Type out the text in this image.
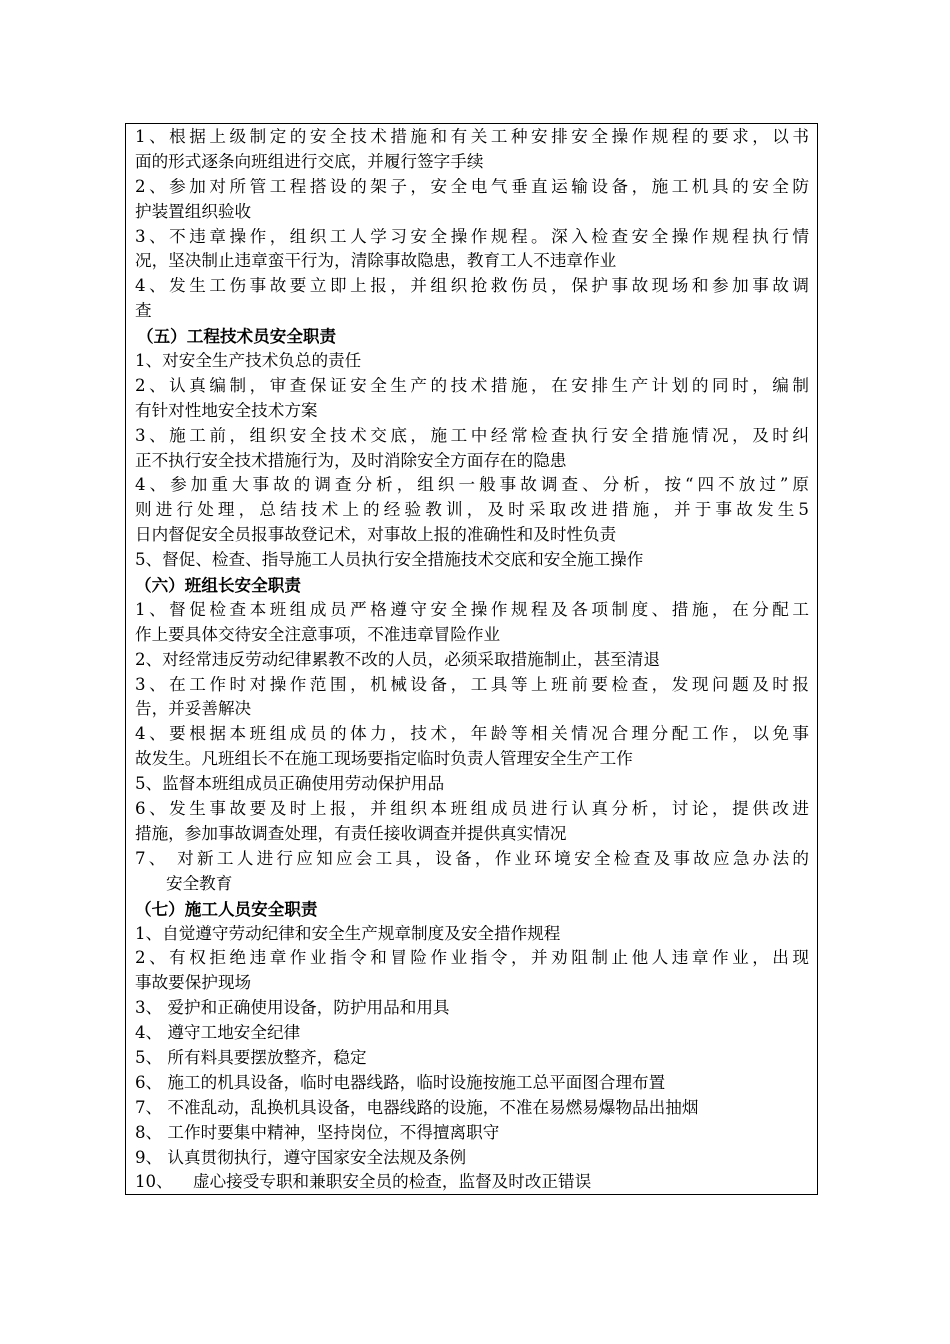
1、根据上级制定的安全技术措施和有关工种安排安全操作规程的要求，以书
面的形式逐条向班组进行交底，并履行签字手续
2、参加对所管工程搭设的架子，安全电气垂直运输设备，施工机具的安全防
护装置组织验收
3、不违章操作，组织工人学习安全操作规程。深入检查安全操作规程执行情
况，坚决制止违章蛮干行为，清除事故隐患，教育工人不违章作业
4、发生工伤事故要立即上报，并组织抢救伤员，保护事故现场和参加事故调
查
（五）工程技术员安全职责
1、对安全生产技术负总的责任
2、认真编制，审查保证安全生产的技术措施，在安排生产计划的同时，编制
有针对性地安全技术方案
3、施工前，组织安全技术交底，施工中经常检查执行安全措施情况，及时纠
正不执行安全技术措施行为，及时消除安全方面存在的隐患
4、参加重大事故的调查分析，组织一般事故调查、分析，按“四不放过”原
则进行处理，总结技术上的经验教训，及时采取改进措施，并于事故发生5
日内督促安全员报事故登记术，对事故上报的准确性和及时性负责
5、督促、检查、指导施工人员执行安全措施技术交底和安全施工操作
（六）班组长安全职责
1、督促检查本班组成员严格遵守安全操作规程及各项制度、措施，在分配工
作上要具体交待安全注意事项，不准违章冒险作业
2、对经常违反劳动纪律累教不改的人员，必须采取措施制止，甚至清退
3、在工作时对操作范围，机械设备，工具等上班前要检查，发现问题及时报
告，并妥善解决
4、要根据本班组成员的体力，技术，年龄等相关情况合理分配工作，以免事
故发生。凡班组长不在施工现场要指定临时负责人管理安全生产工作
5、监督本班组成员正确使用劳动保护用品
6、发生事故要及时上报，并组织本班组成员进行认真分析，讨论，提供改进
措施，参加事故调查处理，有责任接收调查并提供真实情况
7、 对新工人进行应知应会工具，设备，作业环境安全检查及事故应急办法的
安全教育
（七）施工人员安全职责
1、自觉遵守劳动纪律和安全生产规章制度及安全措作规程
2、有权拒绝违章作业指令和冒险作业指令，并劝阻制止他人违章作业，出现
事故要保护现场
3、 爱护和正确使用设备，防护用品和用具
4、 遵守工地安全纪律
5、 所有料具要摆放整齐，稳定
6、 施工的机具设备，临时电器线路，临时设施按施工总平面图合理布置
7、 不准乱动，乱换机具设备，电器线路的设施，不准在易燃易爆物品出抽烟
8、 工作时要集中精神，坚持岗位，不得擅离职守
9、 认真贯彻执行，遵守国家安全法规及条例
10、 虚心接受专职和兼职安全员的检查，监督及时改正错误
